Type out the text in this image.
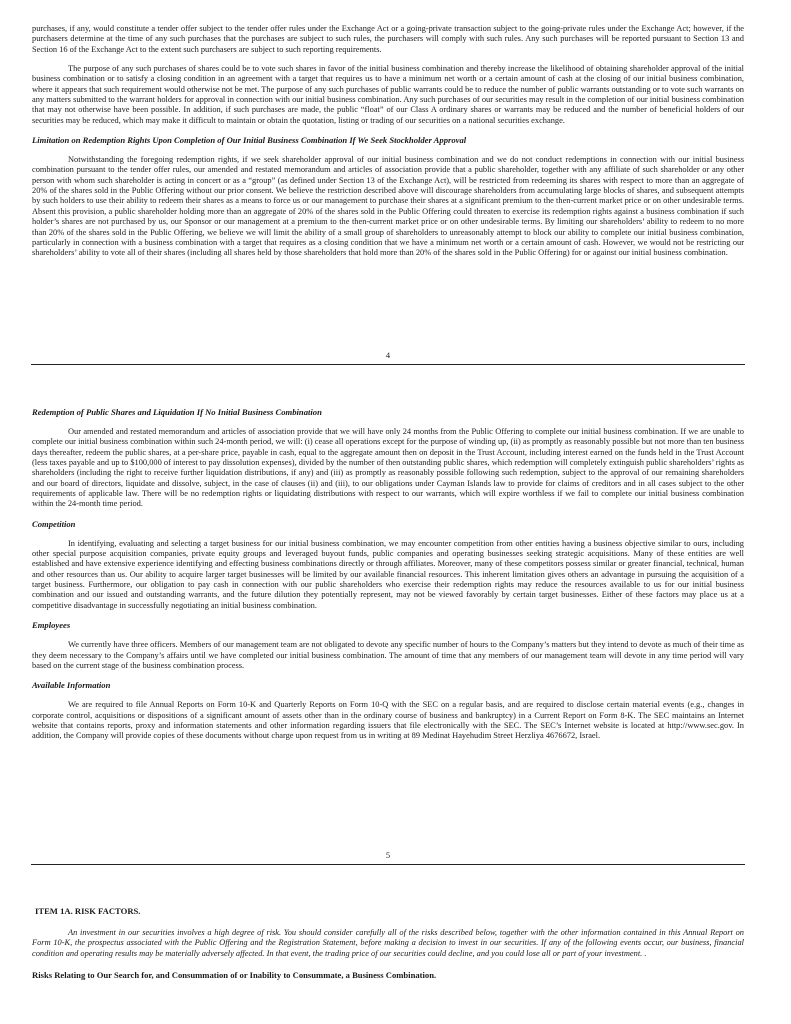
purchases, if any, would constitute a tender offer subject to the tender offer rules under the Exchange Act or a going-private transaction subject to the going-private rules under the Exchange Act; however, if the purchasers determine at the time of any such purchases that the purchases are subject to such rules, the purchasers will comply with such rules. Any such purchases will be reported pursuant to Section 13 and Section 16 of the Exchange Act to the extent such purchasers are subject to such reporting requirements.

The purpose of any such purchases of shares could be to vote such shares in favor of the initial business combination and thereby increase the likelihood of obtaining shareholder approval of the initial business combination or to satisfy a closing condition in an agreement with a target that requires us to have a minimum net worth or a certain amount of cash at the closing of our initial business combination, where it appears that such requirement would otherwise not be met. The purpose of any such purchases of public warrants could be to reduce the number of public warrants outstanding or to vote such warrants on any matters submitted to the warrant holders for approval in connection with our initial business combination. Any such purchases of our securities may result in the completion of our initial business combination that may not otherwise have been possible. In addition, if such purchases are made, the public “float” of our Class A ordinary shares or warrants may be reduced and the number of beneficial holders of our securities may be reduced, which may make it difficult to maintain or obtain the quotation, listing or trading of our securities on a national securities exchange.

Limitation on Redemption Rights Upon Completion of Our Initial Business Combination If We Seek Stockholder Approval

Notwithstanding the foregoing redemption rights, if we seek shareholder approval of our initial business combination and we do not conduct redemptions in connection with our initial business combination pursuant to the tender offer rules, our amended and restated memorandum and articles of association provide that a public shareholder, together with any affiliate of such shareholder or any other person with whom such shareholder is acting in concert or as a “group” (as defined under Section 13 of the Exchange Act), will be restricted from redeeming its shares with respect to more than an aggregate of 20% of the shares sold in the Public Offering without our prior consent. We believe the restriction described above will discourage shareholders from accumulating large blocks of shares, and subsequent attempts by such holders to use their ability to redeem their shares as a means to force us or our management to purchase their shares at a significant premium to the then-current market price or on other undesirable terms. Absent this provision, a public shareholder holding more than an aggregate of 20% of the shares sold in the Public Offering could threaten to exercise its redemption rights against a business combination if such holder’s shares are not purchased by us, our Sponsor or our management at a premium to the then-current market price or on other undesirable terms. By limiting our shareholders’ ability to redeem to no more than 20% of the shares sold in the Public Offering, we believe we will limit the ability of a small group of shareholders to unreasonably attempt to block our ability to complete our initial business combination, particularly in connection with a business combination with a target that requires as a closing condition that we have a minimum net worth or a certain amount of cash. However, we would not be restricting our shareholders’ ability to vote all of their shares (including all shares held by those shareholders that hold more than 20% of the shares sold in the Public Offering) for or against our initial business combination.

4
Redemption of Public Shares and Liquidation If No Initial Business Combination

Our amended and restated memorandum and articles of association provide that we will have only 24 months from the Public Offering to complete our initial business combination. If we are unable to complete our initial business combination within such 24-month period, we will: (i) cease all operations except for the purpose of winding up, (ii) as promptly as reasonably possible but not more than ten business days thereafter, redeem the public shares, at a per-share price, payable in cash, equal to the aggregate amount then on deposit in the Trust Account, including interest earned on the funds held in the Trust Account (less taxes payable and up to $100,000 of interest to pay dissolution expenses), divided by the number of then outstanding public shares, which redemption will completely extinguish public shareholders’ rights as shareholders (including the right to receive further liquidation distributions, if any) and (iii) as promptly as reasonably possible following such redemption, subject to the approval of our remaining shareholders and our board of directors, liquidate and dissolve, subject, in the case of clauses (ii) and (iii), to our obligations under Cayman Islands law to provide for claims of creditors and in all cases subject to the other requirements of applicable law. There will be no redemption rights or liquidating distributions with respect to our warrants, which will expire worthless if we fail to complete our initial business combination within the 24-month time period.

Competition

In identifying, evaluating and selecting a target business for our initial business combination, we may encounter competition from other entities having a business objective similar to ours, including other special purpose acquisition companies, private equity groups and leveraged buyout funds, public companies and operating businesses seeking strategic acquisitions. Many of these entities are well established and have extensive experience identifying and effecting business combinations directly or through affiliates. Moreover, many of these competitors possess similar or greater financial, technical, human and other resources than us. Our ability to acquire larger target businesses will be limited by our available financial resources. This inherent limitation gives others an advantage in pursuing the acquisition of a target business. Furthermore, our obligation to pay cash in connection with our public shareholders who exercise their redemption rights may reduce the resources available to us for our initial business combination and our issued and outstanding warrants, and the future dilution they potentially represent, may not be viewed favorably by certain target businesses. Either of these factors may place us at a competitive disadvantage in successfully negotiating an initial business combination.

Employees

We currently have three officers. Members of our management team are not obligated to devote any specific number of hours to the Company’s matters but they intend to devote as much of their time as they deem necessary to the Company’s affairs until we have completed our initial business combination. The amount of time that any members of our management team will devote in any time period will vary based on the current stage of the business combination process.

Available Information

We are required to file Annual Reports on Form 10-K and Quarterly Reports on Form 10-Q with the SEC on a regular basis, and are required to disclose certain material events (e.g., changes in corporate control, acquisitions or dispositions of a significant amount of assets other than in the ordinary course of business and bankruptcy) in a Current Report on Form 8-K. The SEC maintains an Internet website that contains reports, proxy and information statements and other information regarding issuers that file electronically with the SEC. The SEC’s Internet website is located at http://www.sec.gov. In addition, the Company will provide copies of these documents without charge upon request from us in writing at 89 Medinat Hayehudim Street Herzliya 4676672, Israel.

5
ITEM 1A. RISK FACTORS.

An investment in our securities involves a high degree of risk. You should consider carefully all of the risks described below, together with the other information contained in this Annual Report on Form 10-K, the prospectus associated with the Public Offering and the Registration Statement, before making a decision to invest in our securities. If any of the following events occur, our business, financial condition and operating results may be materially adversely affected. In that event, the trading price of our securities could decline, and you could lose all or part of your investment. .

Risks Relating to Our Search for, and Consummation of or Inability to Consummate, a Business Combination.
